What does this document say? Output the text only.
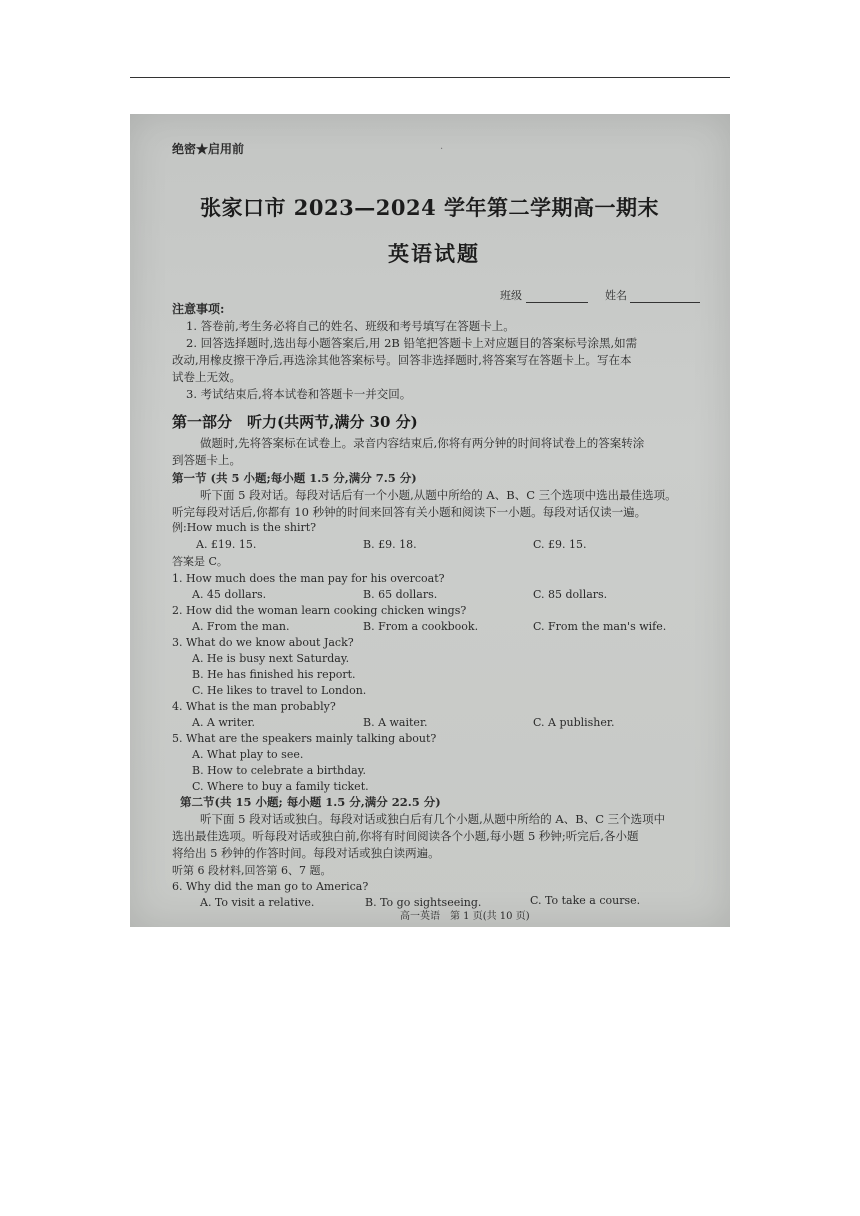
绝密★启用前	·
张家口市 2023—2024 学年第二学期高一期末
英语试题
班级	姓名
注意事项:
1. 答卷前,考生务必将自己的姓名、班级和考号填写在答题卡上。
2. 回答选择题时,选出每小题答案后,用 2B 铅笔把答题卡上对应题目的答案标号涂黑,如需
改动,用橡皮擦干净后,再选涂其他答案标号。回答非选择题时,将答案写在答题卡上。写在本
试卷上无效。
3. 考试结束后,将本试卷和答题卡一并交回。
第一部分　听力(共两节,满分 30 分)
做题时,先将答案标在试卷上。录音内容结束后,你将有两分钟的时间将试卷上的答案转涂
到答题卡上。
第一节 (共 5 小题;每小题 1.5 分,满分 7.5 分)
听下面 5 段对话。每段对话后有一个小题,从题中所给的 A、B、C 三个选项中选出最佳选项。
听完每段对话后,你都有 10 秒钟的时间来回答有关小题和阅读下一小题。每段对话仅读一遍。
例:How much is the shirt?
A. £19. 15.	B. £9. 18.	C. £9. 15.
答案是 C。
1. How much does the man pay for his overcoat?
A. 45 dollars.	B. 65 dollars.	C. 85 dollars.
2. How did the woman learn cooking chicken wings?
A. From the man.	B. From a cookbook.	C. From the man's wife.
3. What do we know about Jack?
A. He is busy next Saturday.
B. He has finished his report.
C. He likes to travel to London.
4. What is the man probably?
A. A writer.	B. A waiter.	C. A publisher.
5. What are the speakers mainly talking about?
A. What play to see.
B. How to celebrate a birthday.
C. Where to buy a family ticket.
第二节(共 15 小题; 每小题 1.5 分,满分 22.5 分)
听下面 5 段对话或独白。每段对话或独白后有几个小题,从题中所给的 A、B、C 三个选项中
选出最佳选项。听每段对话或独白前,你将有时间阅读各个小题,每小题 5 秒钟;听完后,各小题
将给出 5 秒钟的作答时间。每段对话或独白读两遍。
听第 6 段材料,回答第 6、7 题。
6. Why did the man go to America?
A. To visit a relative.	B. To go sightseeing.	C. To take a course.
高一英语　第 1 页(共 10 页)
